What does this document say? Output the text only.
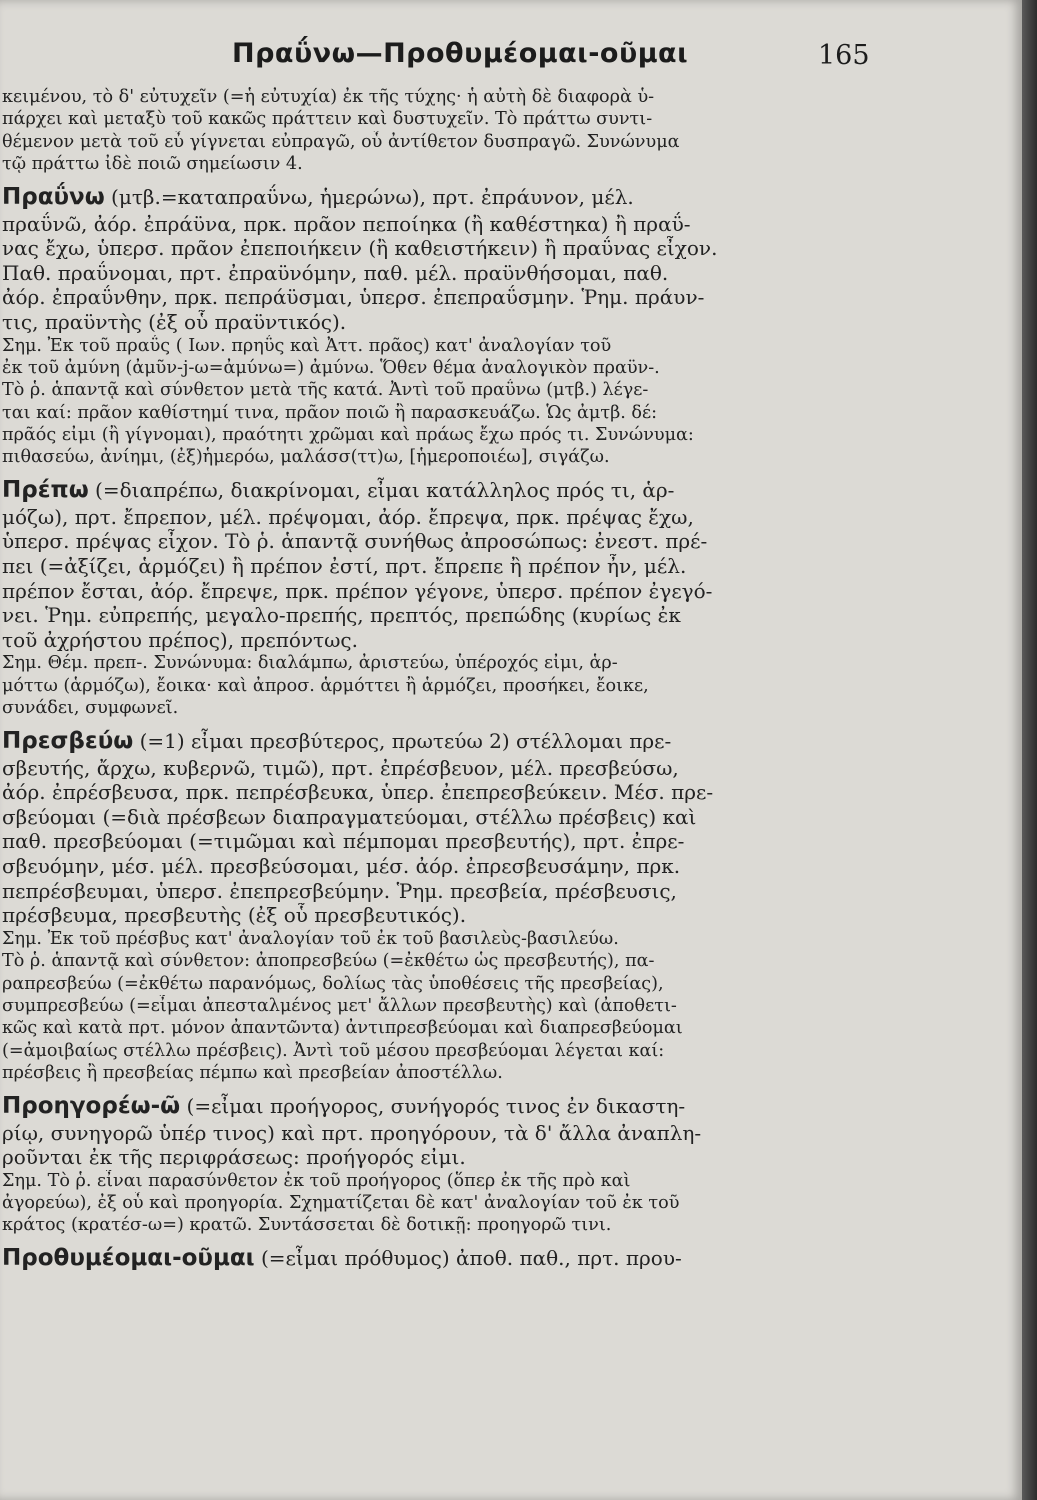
Πραΰνω—Προθυμέομαι-οῦμαι	165
κειμένου, τὸ δ' εὐτυχεῖν (=ἡ εὐτυχία) ἐκ τῆς τύχης· ἡ αὐτὴ δὲ διαφορὰ ὑ-
πάρχει καὶ μεταξὺ τοῦ κακῶς πράττειν καὶ δυστυχεῖν. Τὸ πράττω συντι-
θέμενον μετὰ τοῦ εὖ γίγνεται εὐπραγῶ, οὗ ἀντίθετον δυσπραγῶ. Συνώνυμα
τῷ πράττω ἰδὲ ποιῶ σημείωσιν 4.
Πραΰνω (μτβ.=καταπραΰνω, ἡμερώνω), πρτ. ἐπράυνον, μέλ.
πραΰνῶ, ἀόρ. ἐπράϋνα, πρκ. πρᾶον πεποίηκα (ἢ καθέστηκα) ἢ πραΰ-
νας ἔχω, ὑπερσ. πρᾶον ἐπεποιήκειν (ἢ καθειστήκειν) ἢ πραΰνας εἶχον.
Παθ. πραΰνομαι, πρτ. ἐπραϋνόμην, παθ. μέλ. πραϋνθήσομαι, παθ.
ἀόρ. ἐπραΰνθην, πρκ. πεπράϋσμαι, ὑπερσ. ἐπεπραΰσμην. Ῥημ. πράυν-
τις, πραϋντὴς (ἐξ οὗ πραϋντικός).
Σημ. Ἐκ τοῦ πραΰς ( Ιων. πρηΰς καὶ Ἀττ. πρᾶος) κατ' ἀναλογίαν τοῦ
ἐκ τοῦ ἀμύνη (ἀμῦν-j-ω=ἀμύνω=) ἀμύνω. Ὅθεν θέμα ἀναλογικὸν πραϋν-.
Τὸ ῥ. ἁπαντᾷ καὶ σύνθετον μετὰ τῆς κατά. Ἀντὶ τοῦ πραΰνω (μτβ.) λέγε-
ται καί: πρᾶον καθίστημί τινα, πρᾶον ποιῶ ἢ παρασκευάζω. Ὡς ἀμτβ. δέ:
πρᾶός εἰμι (ἢ γίγνομαι), πραότητι χρῶμαι καὶ πράως ἔχω πρός τι. Συνώνυμα:
πιθασεύω, ἀνίημι, (ἐξ)ἡμερόω, μαλάσσ(ττ)ω, [ἡμεροποιέω], σιγάζω.
Πρέπω (=διαπρέπω, διακρίνομαι, εἶμαι κατάλληλος πρός τι, ἁρ-
μόζω), πρτ. ἔπρεπον, μέλ. πρέψομαι, ἀόρ. ἔπρεψα, πρκ. πρέψας ἔχω,
ὑπερσ. πρέψας εἶχον. Τὸ ῥ. ἁπαντᾷ συνήθως ἀπροσώπως: ἐνεστ. πρέ-
πει (=ἀξίζει, ἁρμόζει) ἢ πρέπον ἐστί, πρτ. ἔπρεπε ἢ πρέπον ἦν, μέλ.
πρέπον ἔσται, ἀόρ. ἔπρεψε, πρκ. πρέπον γέγονε, ὑπερσ. πρέπον ἐγεγό-
νει. Ῥημ. εὐπρεπής, μεγαλο-πρεπής, πρεπτός, πρεπώδης (κυρίως ἐκ
τοῦ ἀχρήστου πρέπος), πρεπόντως.
Σημ. Θέμ. πρεπ-. Συνώνυμα: διαλάμπω, ἀριστεύω, ὑπέροχός εἰμι, ἁρ-
μόττω (ἁρμόζω), ἔοικα· καὶ ἀπροσ. ἁρμόττει ἢ ἁρμόζει, προσήκει, ἔοικε,
συνάδει, συμφωνεῖ.
Πρεσβεύω (=1) εἶμαι πρεσβύτερος, πρωτεύω 2) στέλλομαι πρε-
σβευτής, ἄρχω, κυβερνῶ, τιμῶ), πρτ. ἐπρέσβευον, μέλ. πρεσβεύσω,
ἀόρ. ἐπρέσβευσα, πρκ. πεπρέσβευκα, ὑπερ. ἐπεπρεσβεύκειν. Μέσ. πρε-
σβεύομαι (=διὰ πρέσβεων διαπραγματεύομαι, στέλλω πρέσβεις) καὶ
παθ. πρεσβεύομαι (=τιμῶμαι καὶ πέμπομαι πρεσβευτής), πρτ. ἐπρε-
σβευόμην, μέσ. μέλ. πρεσβεύσομαι, μέσ. ἀόρ. ἐπρεσβευσάμην, πρκ.
πεπρέσβευμαι, ὑπερσ. ἐπεπρεσβεύμην. Ῥημ. πρεσβεία, πρέσβευσις,
πρέσβευμα, πρεσβευτὴς (ἐξ οὗ πρεσβευτικός).
Σημ. Ἐκ τοῦ πρέσβυς κατ' ἀναλογίαν τοῦ ἐκ τοῦ βασιλεὺς-βασιλεύω.
Τὸ ῥ. ἁπαντᾷ καὶ σύνθετον: ἀποπρεσβεύω (=ἐκθέτω ὡς πρεσβευτής), πα-
ραπρεσβεύω (=ἐκθέτω παρανόμως, δολίως τὰς ὑποθέσεις τῆς πρεσβείας),
συμπρεσβεύω (=εἶμαι ἀπεσταλμένος μετ' ἄλλων πρεσβευτὴς) καὶ (ἀποθετι-
κῶς καὶ κατὰ πρτ. μόνον ἀπαντῶντα) ἀντιπρεσβεύομαι καὶ διαπρεσβεύομαι
(=ἀμοιβαίως στέλλω πρέσβεις). Ἀντὶ τοῦ μέσου πρεσβεύομαι λέγεται καί:
πρέσβεις ἢ πρεσβείας πέμπω καὶ πρεσβείαν ἀποστέλλω.
Προηγορέω-ῶ (=εἶμαι προήγορος, συνήγορός τινος ἐν δικαστη-
ρίῳ, συνηγορῶ ὑπέρ τινος) καὶ πρτ. προηγόρουν, τὰ δ' ἄλλα ἀναπλη-
ροῦνται ἐκ τῆς περιφράσεως: προήγορός εἰμι.
Σημ. Τὸ ῥ. εἶναι παρασύνθετον ἐκ τοῦ προήγορος (ὅπερ ἐκ τῆς πρὸ καὶ
ἀγορεύω), ἐξ οὗ καὶ προηγορία. Σχηματίζεται δὲ κατ' ἀναλογίαν τοῦ ἐκ τοῦ
κράτος (κρατέσ-ω=) κρατῶ. Συντάσσεται δὲ δοτικῇ: προηγορῶ τινι.
Προθυμέομαι-οῦμαι (=εἶμαι πρόθυμος) ἀποθ. παθ., πρτ. πρου-
